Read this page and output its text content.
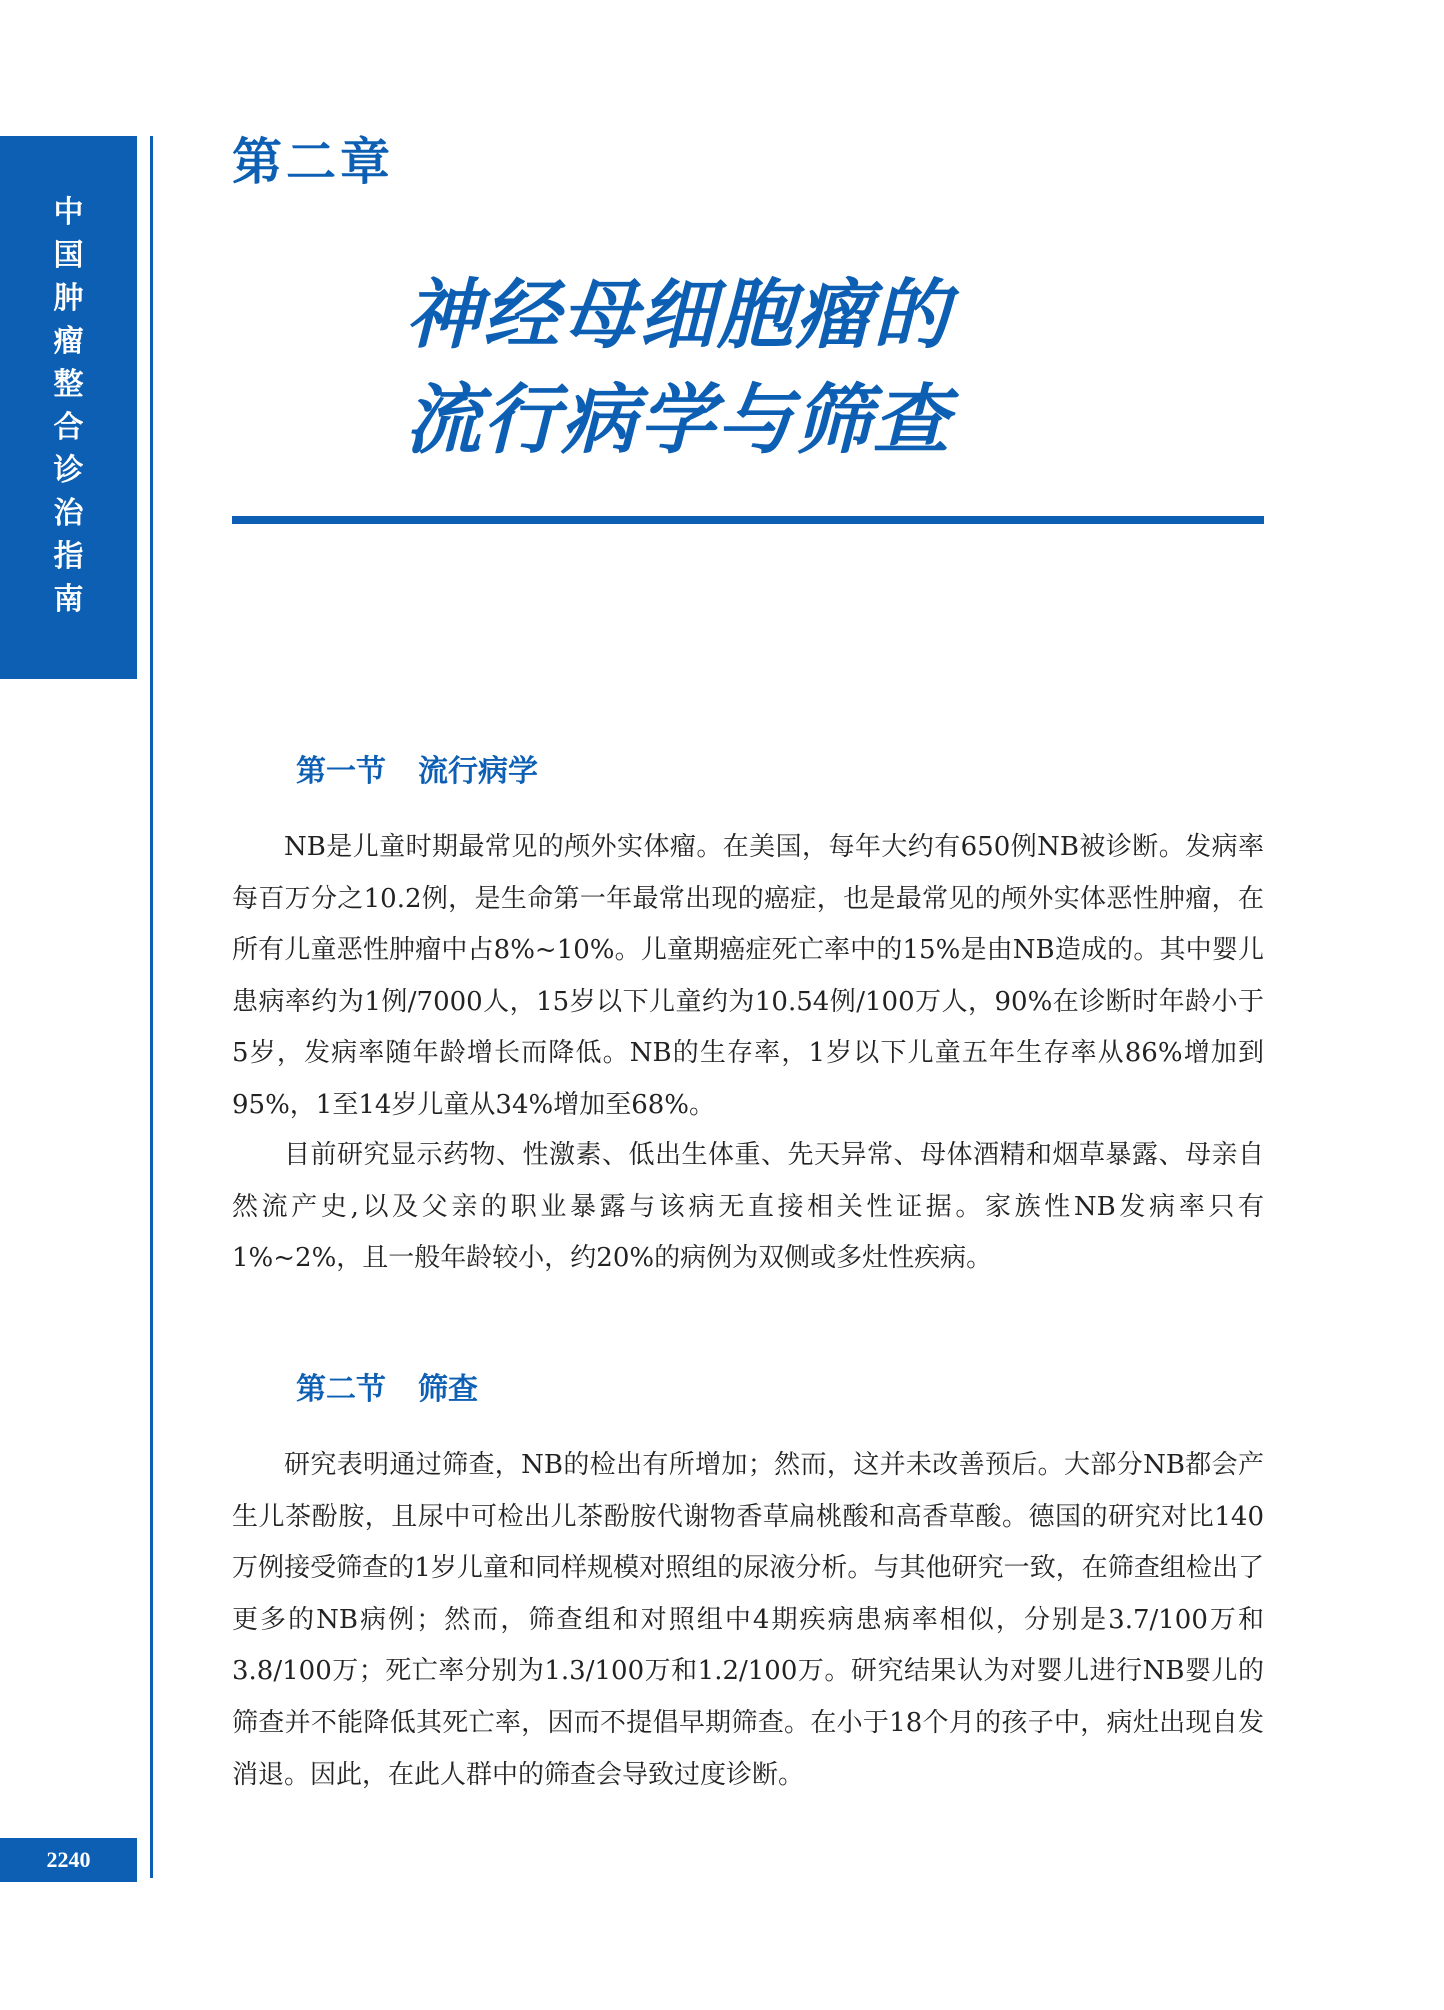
中
国
肿
瘤
整
合
诊
治
指
南
2240
第二章
神经母细胞瘤的
流行病学与筛查
第一节 流行病学

NB是儿童时期最常见的颅外实体瘤。在美国，每年大约有650例NB被诊断。发病率每百万分之10.2例，是生命第一年最常出现的癌症，也是最常见的颅外实体恶性肿瘤，在所有儿童恶性肿瘤中占8%~10%。儿童期癌症死亡率中的15%是由NB造成的。其中婴儿患病率约为1例/7000人，15岁以下儿童约为10.54例/100万人，90%在诊断时年龄小于5岁，发病率随年龄增长而降低。NB的生存率，1岁以下儿童五年生存率从86%增加到95%，1至14岁儿童从34%增加至68%。

目前研究显示药物、性激素、低出生体重、先天异常、母体酒精和烟草暴露、母亲自然流产史,以及父亲的职业暴露与该病无直接相关性证据。家族性NB发病率只有1%~2%，且一般年龄较小，约20%的病例为双侧或多灶性疾病。

第二节 筛查

研究表明通过筛查，NB的检出有所增加；然而，这并未改善预后。大部分NB都会产生儿茶酚胺，且尿中可检出儿茶酚胺代谢物香草扁桃酸和高香草酸。德国的研究对比140万例接受筛查的1岁儿童和同样规模对照组的尿液分析。与其他研究一致，在筛查组检出了更多的NB病例；然而，筛查组和对照组中4期疾病患病率相似，分别是3.7/100万和3.8/100万；死亡率分别为1.3/100万和1.2/100万。研究结果认为对婴儿进行NB婴儿的筛查并不能降低其死亡率，因而不提倡早期筛查。在小于18个月的孩子中，病灶出现自发消退。因此，在此人群中的筛查会导致过度诊断。
